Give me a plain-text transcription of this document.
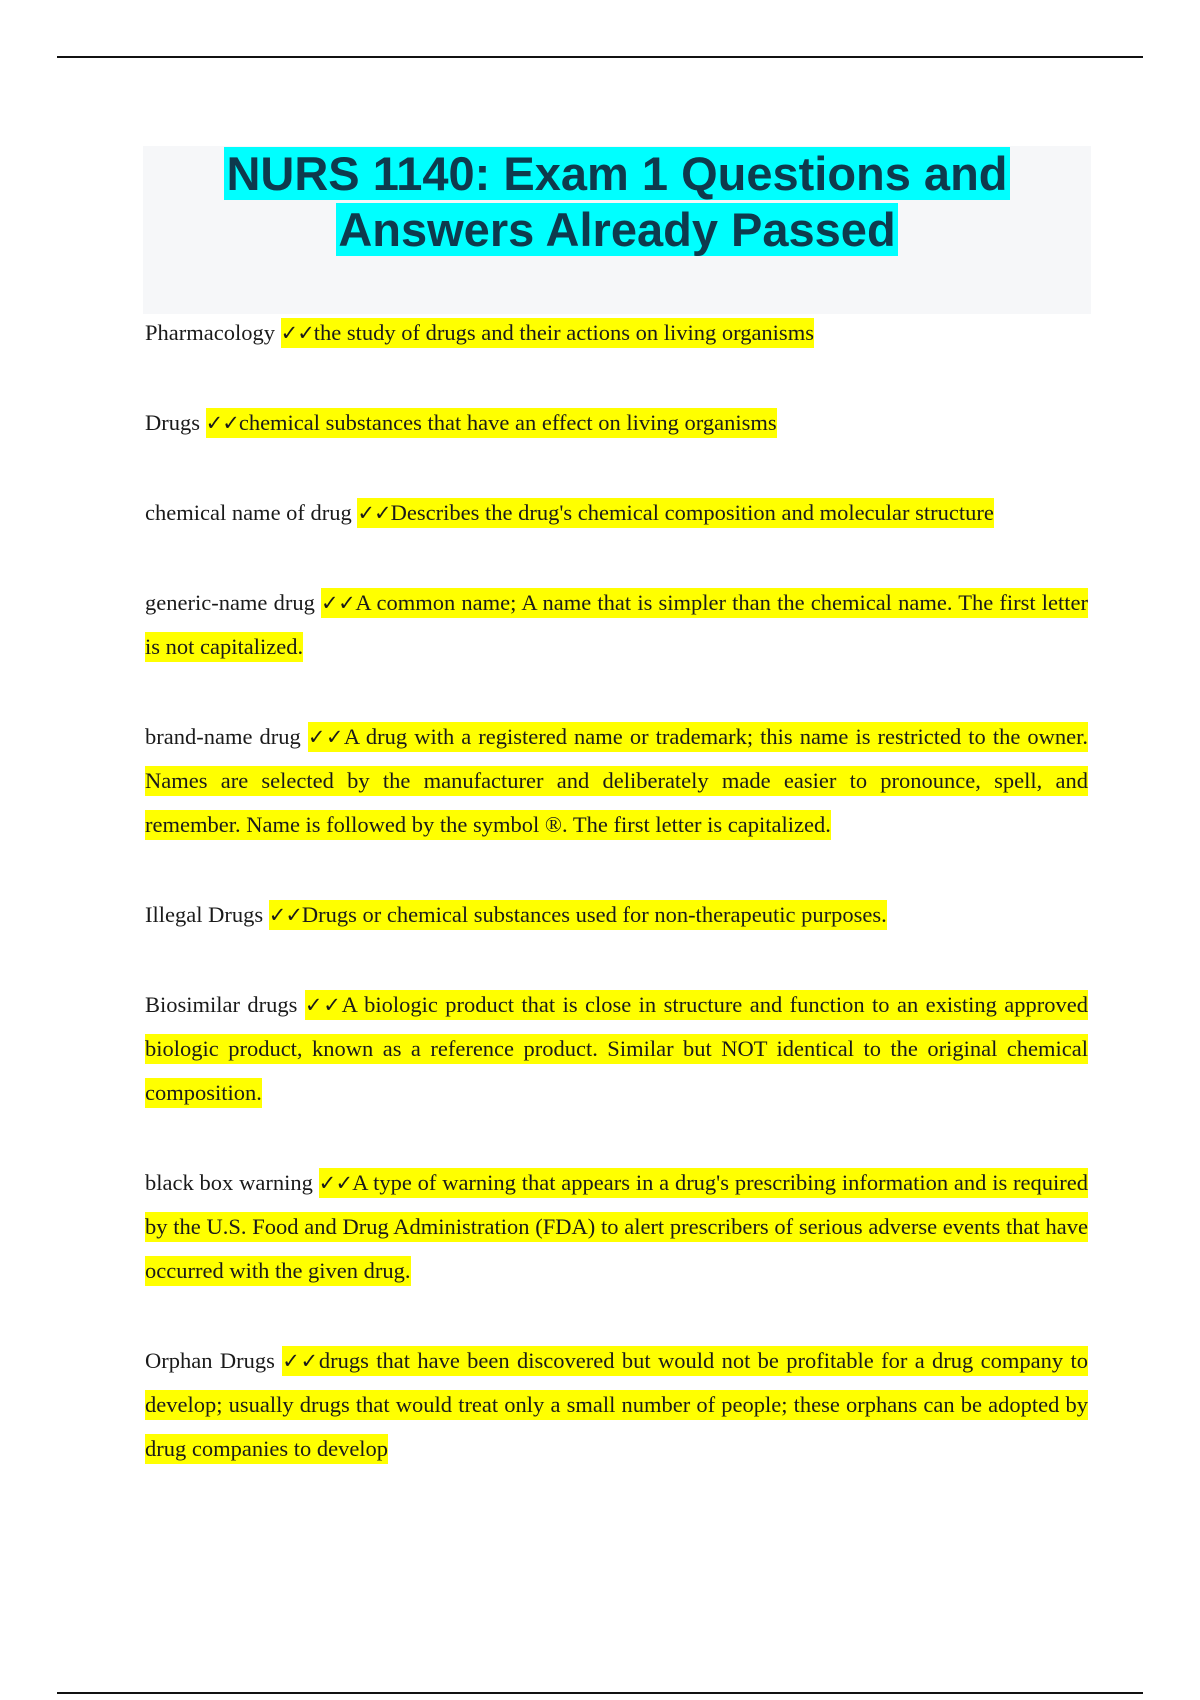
NURS 1140: Exam 1 Questions and
Answers Already Passed

Pharmacology ✓✓the study of drugs and their actions on living organisms

Drugs ✓✓chemical substances that have an effect on living organisms

chemical name of drug ✓✓Describes the drug's chemical composition and molecular structure

generic-name drug ✓✓A common name; A name that is simpler than the chemical name. The first letter is not capitalized.

brand-name drug ✓✓A drug with a registered name or trademark; this name is restricted to the owner. Names are selected by the manufacturer and deliberately made easier to pronounce, spell, and remember. Name is followed by the symbol ®. The first letter is capitalized.

Illegal Drugs ✓✓Drugs or chemical substances used for non-therapeutic purposes.

Biosimilar drugs ✓✓A biologic product that is close in structure and function to an existing approved biologic product, known as a reference product. Similar but NOT identical to the original chemical composition.

black box warning ✓✓A type of warning that appears in a drug's prescribing information and is required by the U.S. Food and Drug Administration (FDA) to alert prescribers of serious adverse events that have occurred with the given drug.

Orphan Drugs ✓✓drugs that have been discovered but would not be profitable for a drug company to develop; usually drugs that would treat only a small number of people; these orphans can be adopted by drug companies to develop
